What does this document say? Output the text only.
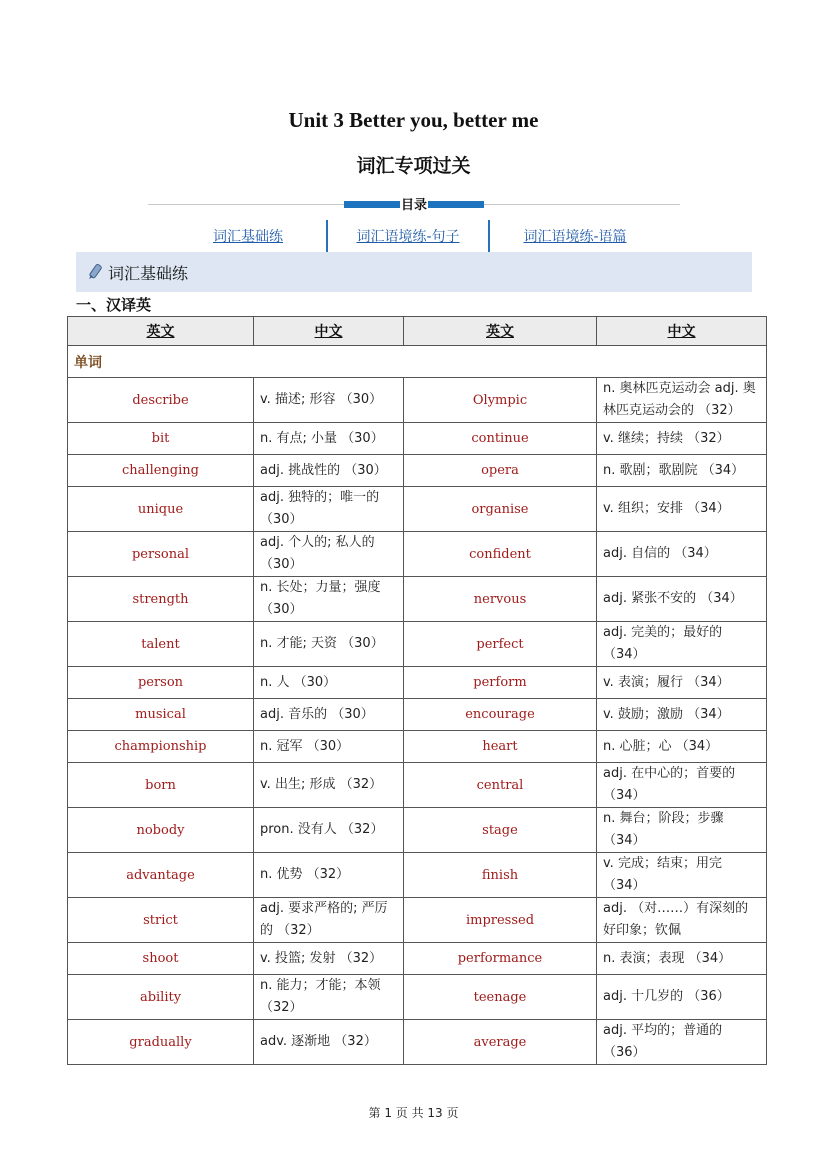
Unit 3 Better you, better me
词汇专项过关
目录
词汇基础练	词汇语境练-句子	词汇语境练-语篇
词汇基础练
一、汉译英
英文	中文	英文	中文
单词			
describe	v. 描述; 形容 （30）	Olympic	n. 奥林匹克运动会 adj. 奥林匹克运动会的 （32）
bit	n. 有点; 小量 （30）	continue	v. 继续；持续 （32）
challenging	adj. 挑战性的 （30）	opera	n. 歌剧；歌剧院 （34）
unique	adj. 独特的；唯一的 （30）	organise	v. 组织；安排 （34）
personal	adj. 个人的; 私人的 （30）	confident	adj. 自信的 （34）
strength	n. 长处；力量；强度 （30）	nervous	adj. 紧张不安的 （34）
talent	n. 才能; 天资 （30）	perfect	adj. 完美的；最好的 （34）
person	n. 人 （30）	perform	v. 表演；履行 （34）
musical	adj. 音乐的 （30）	encourage	v. 鼓励；激励 （34）
championship	n. 冠军 （30）	heart	n. 心脏；心 （34）
born	v. 出生; 形成 （32）	central	adj. 在中心的；首要的 （34）
nobody	pron. 没有人 （32）	stage	n. 舞台；阶段；步骤 （34）
advantage	n. 优势 （32）	finish	v. 完成；结束；用完 （34）
strict	adj. 要求严格的; 严厉的 （32）	impressed	adj. （对……）有深刻的好印象；钦佩
shoot	v. 投篮; 发射 （32）	performance	n. 表演；表现 （34）
ability	n. 能力；才能；本领 （32）	teenage	adj. 十几岁的 （36）
gradually	adv. 逐渐地 （32）	average	adj. 平均的；普通的 （36）
第 1 页 共 13 页
